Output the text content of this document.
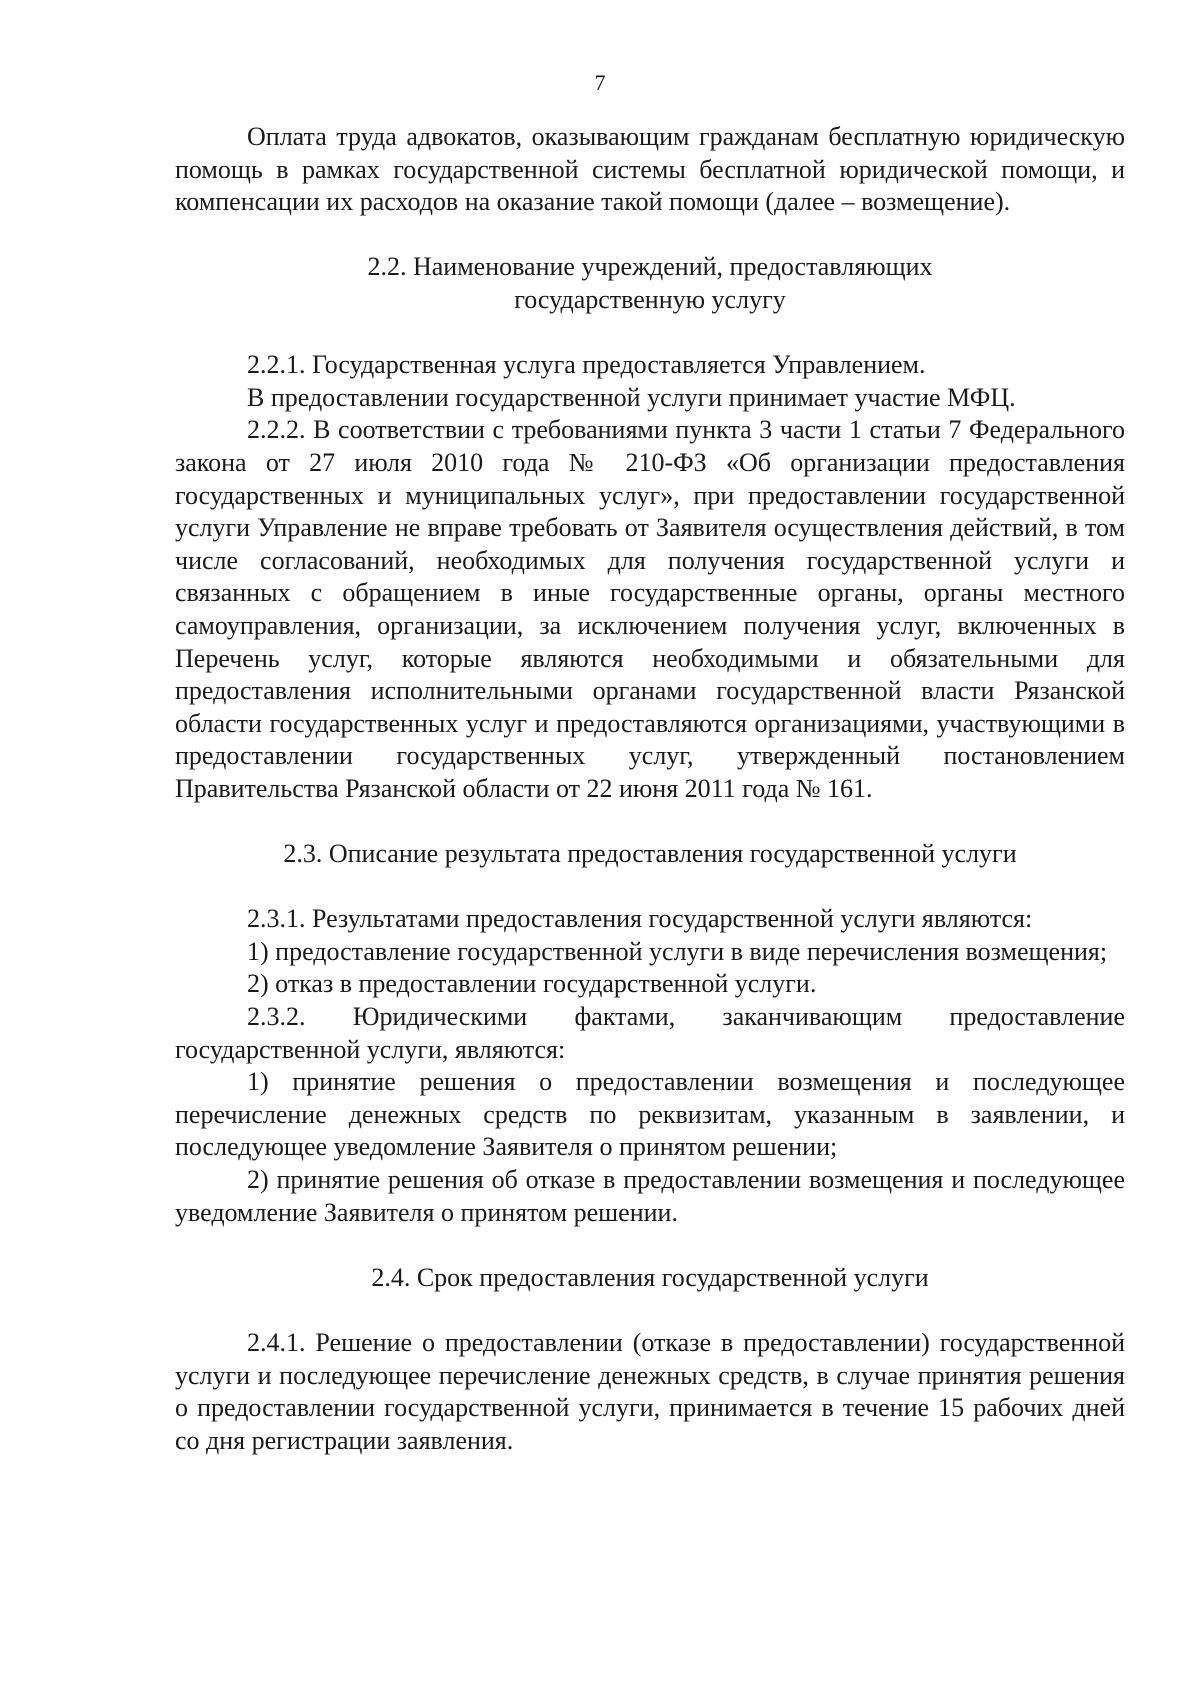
7

Оплата труда адвокатов, оказывающим гражданам бесплатную юридическую помощь в рамках государственной системы бесплатной юридической помощи, и компенсации их расходов на оказание такой помощи (далее – возмещение).

2.2. Наименование учреждений, предоставляющих
государственную услугу

2.2.1. Государственная услуга предоставляется Управлением.

В предоставлении государственной услуги принимает участие МФЦ.

2.2.2. В соответствии с требованиями пункта 3 части 1 статьи 7 Федерального закона от 27 июля 2010 года № 210-ФЗ «Об организации предоставления государственных и муниципальных услуг», при предоставлении государственной услуги Управление не вправе требовать от Заявителя осуществления действий, в том числе согласований, необходимых для получения государственной услуги и связанных с обращением в иные государственные органы, органы местного самоуправления, организации, за исключением получения услуг, включенных в Перечень услуг, которые являются необходимыми и обязательными для предоставления исполнительными органами государственной власти Рязанской области государственных услуг и предоставляются организациями, участвующими в предоставлении государственных услуг, утвержденный постановлением Правительства Рязанской области от 22 июня 2011 года № 161.

2.3. Описание результата предоставления государственной услуги

2.3.1. Результатами предоставления государственной услуги являются:

1) предоставление государственной услуги в виде перечисления возмещения;

2) отказ в предоставлении государственной услуги.

2.3.2. Юридическими фактами, заканчивающим предоставление государственной услуги, являются:

1) принятие решения о предоставлении возмещения и последующее перечисление денежных средств по реквизитам, указанным в заявлении, и последующее уведомление Заявителя о принятом решении;

2) принятие решения об отказе в предоставлении возмещения и последующее уведомление Заявителя о принятом решении.

2.4. Срок предоставления государственной услуги

2.4.1. Решение о предоставлении (отказе в предоставлении) государственной услуги и последующее перечисление денежных средств, в случае принятия решения о предоставлении государственной услуги, принимается в течение 15 рабочих дней со дня регистрации заявления.
